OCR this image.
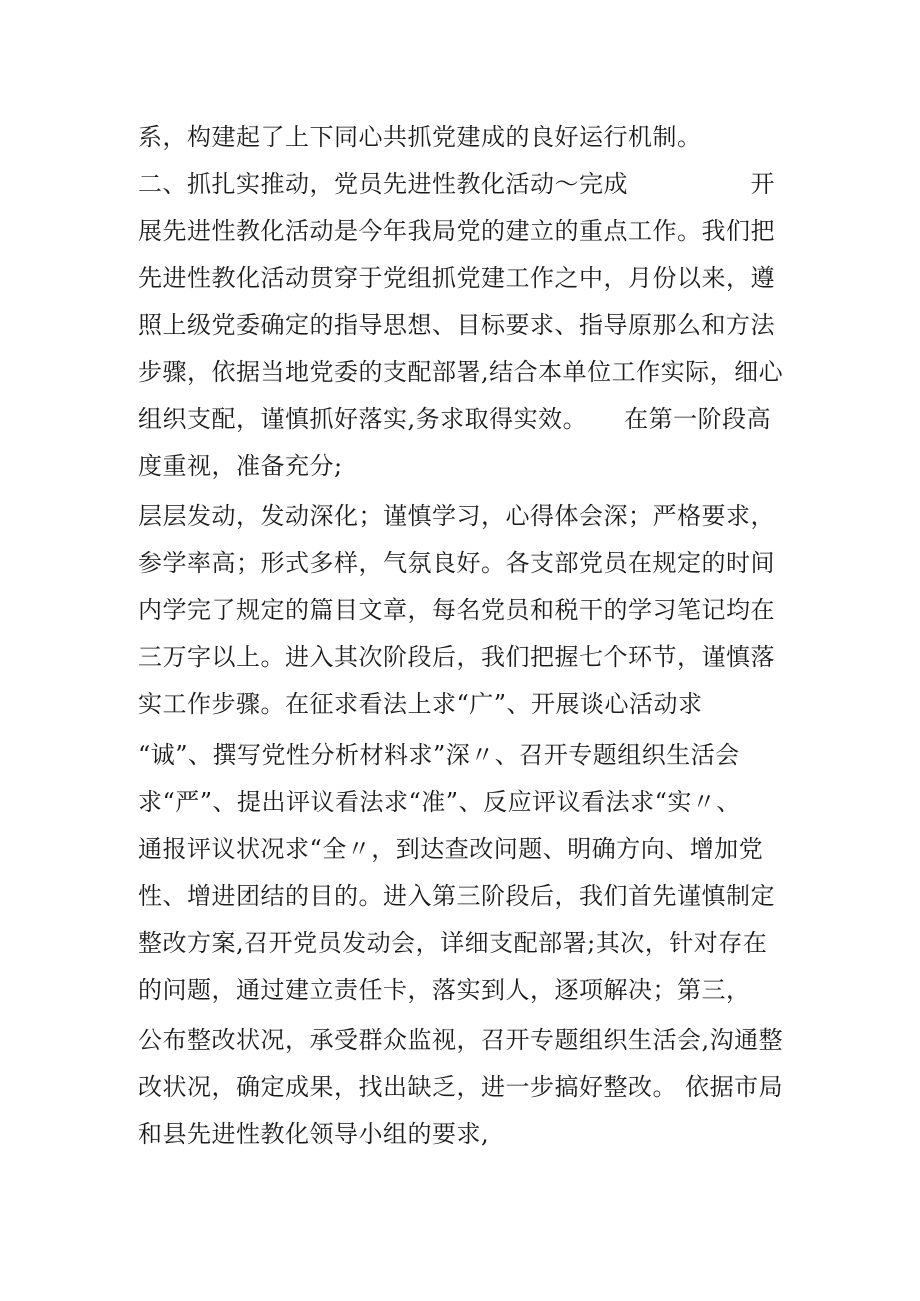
系，构建起了上下同心共抓党建成的良好运行机制。
二、抓扎实推动，党员先进性教化活动～完成　　　　　开
展先进性教化活动是今年我局党的建立的重点工作。我们把
先进性教化活动贯穿于党组抓党建工作之中，月份以来，遵
照上级党委确定的指导思想、目标要求、指导原那么和方法
步骤，依据当地党委的支配部署,结合本单位工作实际，细心
组织支配，谨慎抓好落实,务求取得实效。　　在第一阶段高
度重视，准备充分;
层层发动，发动深化；谨慎学习，心得体会深；严格要求，
参学率高；形式多样，气氛良好。各支部党员在规定的时间
内学完了规定的篇目文章，每名党员和税干的学习笔记均在
三万字以上。进入其次阶段后，我们把握七个环节，谨慎落
实工作步骤。在征求看法上求“广”、开展谈心活动求
“诚”、撰写党性分析材料求”深〃、召开专题组织生活会
求“严”、提出评议看法求“准”、反应评议看法求“实〃、
通报评议状况求“全〃，到达查改问题、明确方向、增加党
性、增进团结的目的。进入第三阶段后，我们首先谨慎制定
整改方案,召开党员发动会，详细支配部署;其次，针对存在
的问题，通过建立责任卡，落实到人，逐项解决；第三，
公布整改状况，承受群众监视，召开专题组织生活会,沟通整
改状况，确定成果，找出缺乏，进一步搞好整改。 依据市局
和县先进性教化领导小组的要求,
